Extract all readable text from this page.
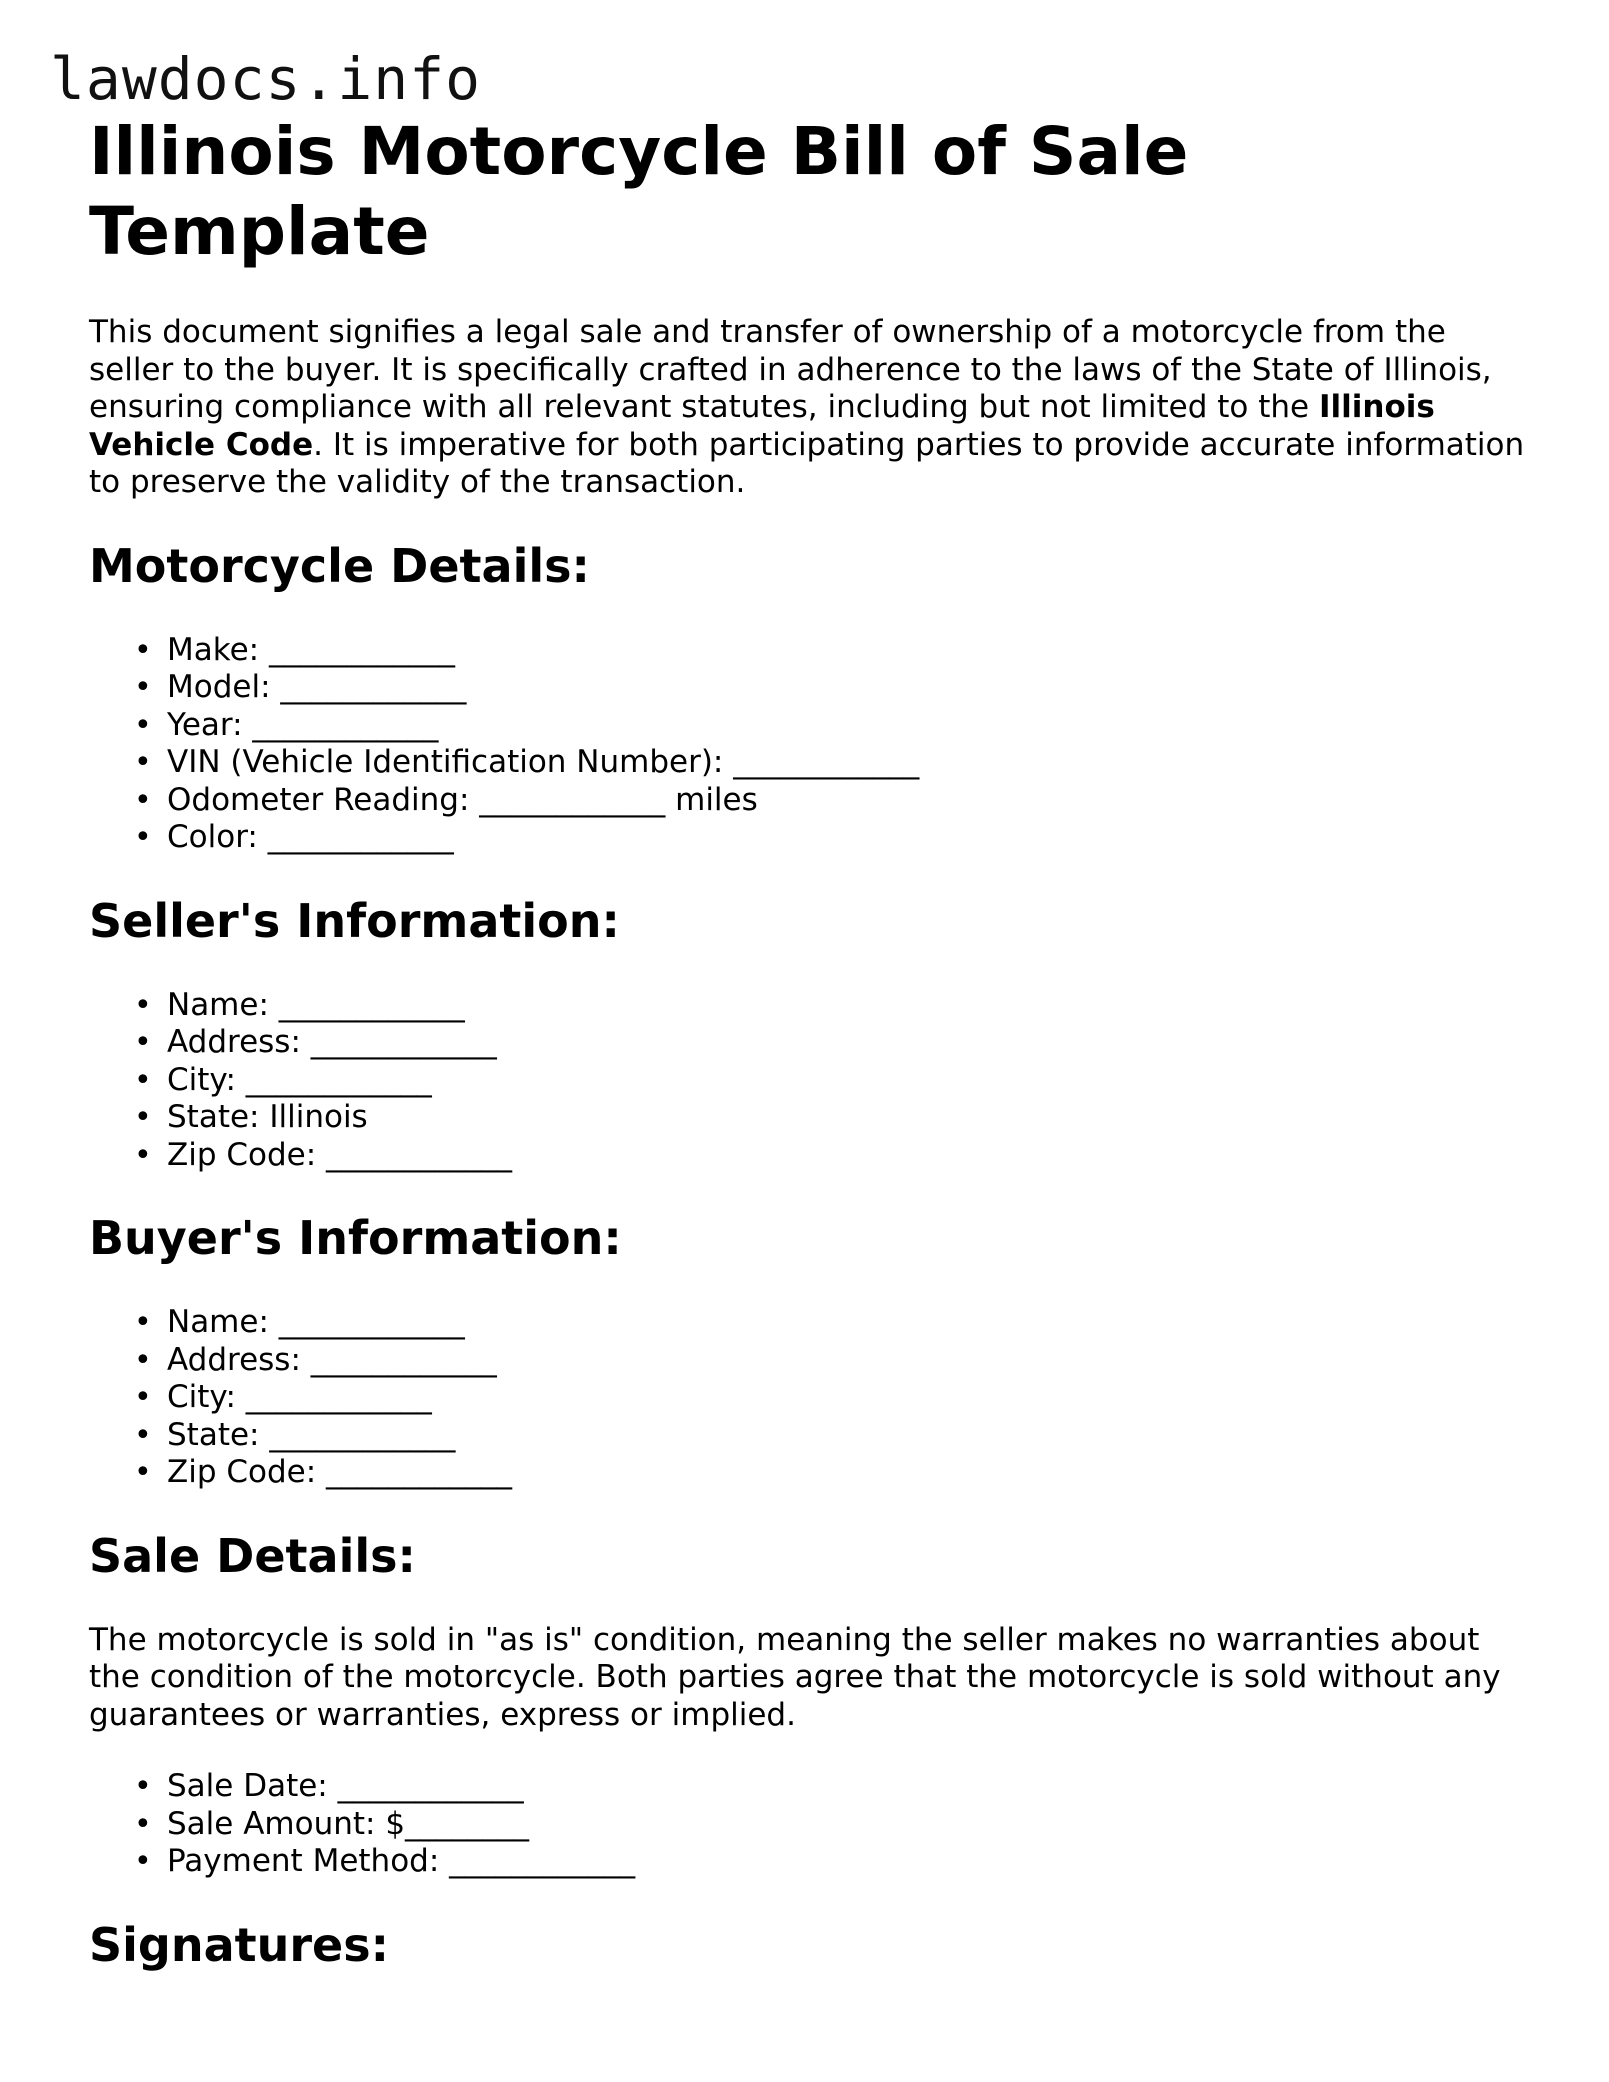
lawdocs.info
Illinois Motorcycle Bill of Sale Template

This document signifies a legal sale and transfer of ownership of a motorcycle from the seller to the buyer. It is specifically crafted in adherence to the laws of the State of Illinois, ensuring compliance with all relevant statutes, including but not limited to the Illinois Vehicle Code. It is imperative for both participating parties to provide accurate information to preserve the validity of the transaction.

Motorcycle Details:
• Make: ____________
• Model: ____________
• Year: ____________
• VIN (Vehicle Identification Number): ____________
• Odometer Reading: ____________ miles
• Color: ____________
Seller's Information:
• Name: ____________
• Address: ____________
• City: ____________
• State: Illinois
• Zip Code: ____________
Buyer's Information:
• Name: ____________
• Address: ____________
• City: ____________
• State: ____________
• Zip Code: ____________
Sale Details:

The motorcycle is sold in "as is" condition, meaning the seller makes no warranties about the condition of the motorcycle. Both parties agree that the motorcycle is sold without any guarantees or warranties, express or implied.

• Sale Date: ____________
• Sale Amount: $________
• Payment Method: ____________
Signatures:
